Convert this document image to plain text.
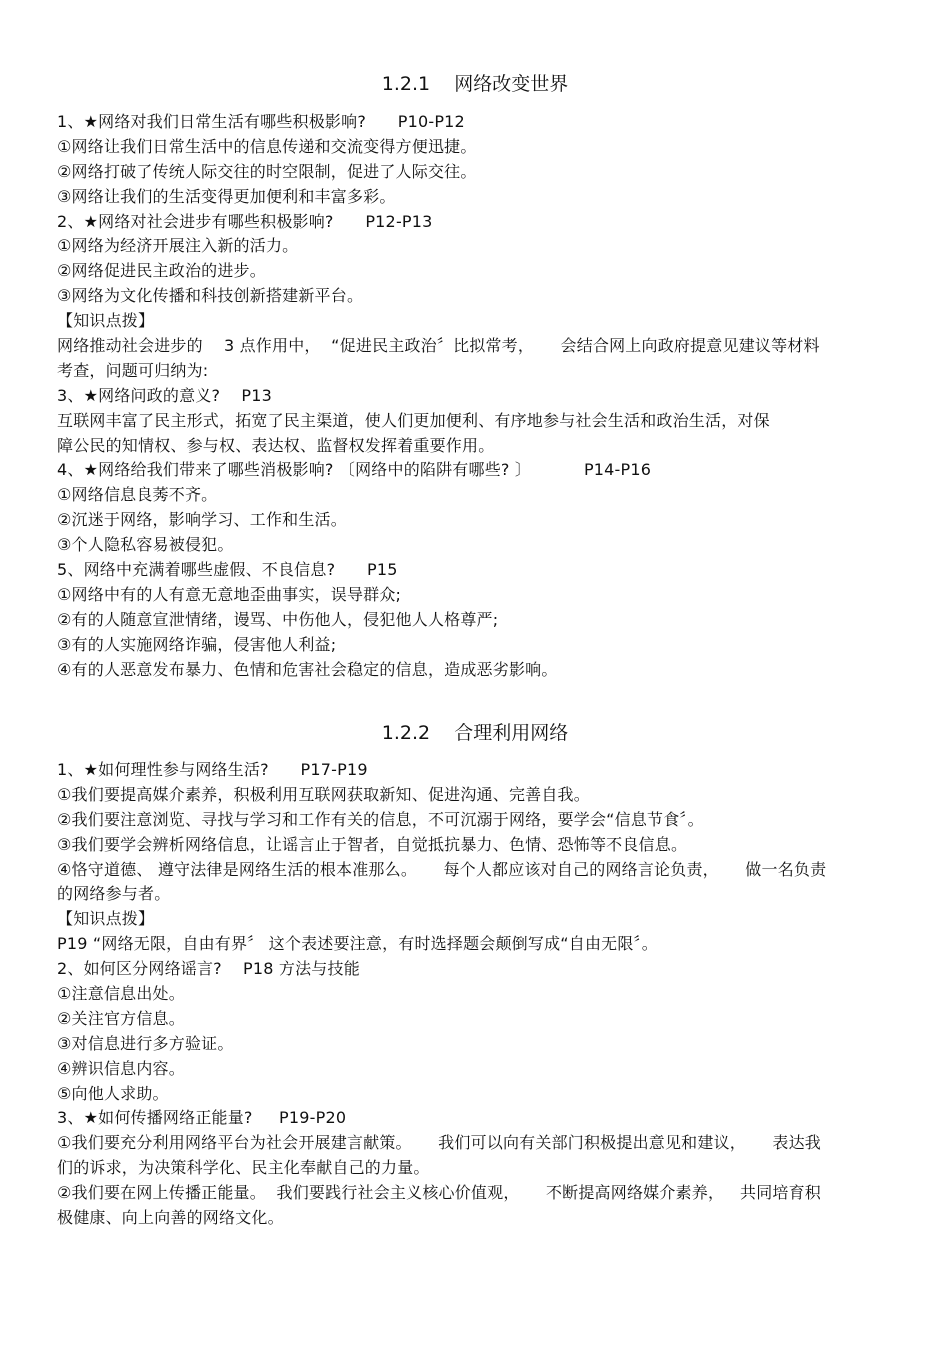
1.2.1    网络改变世界
1、★网络对我们日常生活有哪些积极影响?      P10-P12
①网络让我们日常生活中的信息传递和交流变得方便迅捷。
②网络打破了传统人际交往的时空限制，促进了人际交往。
③网络让我们的生活变得更加便利和丰富多彩。
2、★网络对社会进步有哪些积极影响?      P12-P13
①网络为经济开展注入新的活力。
②网络促进民主政治的进步。
③网络为文化传播和科技创新搭建新平台。
【知识点拨】
网络推动社会进步的    3 点作用中，  “促进民主政治〞比拟常考，     会结合网上向政府提意见建议等材料
考查，问题可归纳为:
3、★网络问政的意义?    P13
互联网丰富了民主形式，拓宽了民主渠道，使人们更加便利、有序地参与社会生活和政治生活，对保
障公民的知情权、参与权、表达权、监督权发挥着重要作用。
4、★网络给我们带来了哪些消极影响? 〔网络中的陷阱有哪些? 〕          P14-P16
①网络信息良莠不齐。
②沉迷于网络，影响学习、工作和生活。
③个人隐私容易被侵犯。
5、网络中充满着哪些虚假、不良信息?      P15
①网络中有的人有意无意地歪曲事实，误导群众;
②有的人随意宣泄情绪，谩骂、中伤他人，侵犯他人人格尊严;
③有的人实施网络诈骗，侵害他人利益;
④有的人恶意发布暴力、色情和危害社会稳定的信息，造成恶劣影响。
1.2.2    合理利用网络
1、★如何理性参与网络生活?      P17-P19
①我们要提高媒介素养，积极利用互联网获取新知、促进沟通、完善自我。
②我们要注意浏览、寻找与学习和工作有关的信息，不可沉溺于网络，要学会“信息节食〞。
③我们要学会辨析网络信息，让谣言止于智者，自觉抵抗暴力、色情、恐怖等不良信息。
④恪守道德、 遵守法律是网络生活的根本准那么。     每个人都应该对自己的网络言论负责，     做一名负责
的网络参与者。
【知识点拨】
P19 “网络无限，自由有界〞 这个表述要注意，有时选择题会颠倒写成“自由无限〞。
2、如何区分网络谣言?    P18 方法与技能
①注意信息出处。
②关注官方信息。
③对信息进行多方验证。
④辨识信息内容。
⑤向他人求助。
3、★如何传播网络正能量?     P19-P20
①我们要充分利用网络平台为社会开展建言献策。     我们可以向有关部门积极提出意见和建议，     表达我
们的诉求，为决策科学化、民主化奉献自己的力量。
②我们要在网上传播正能量。  我们要践行社会主义核心价值观，     不断提高网络媒介素养，   共同培育积
极健康、向上向善的网络文化。
